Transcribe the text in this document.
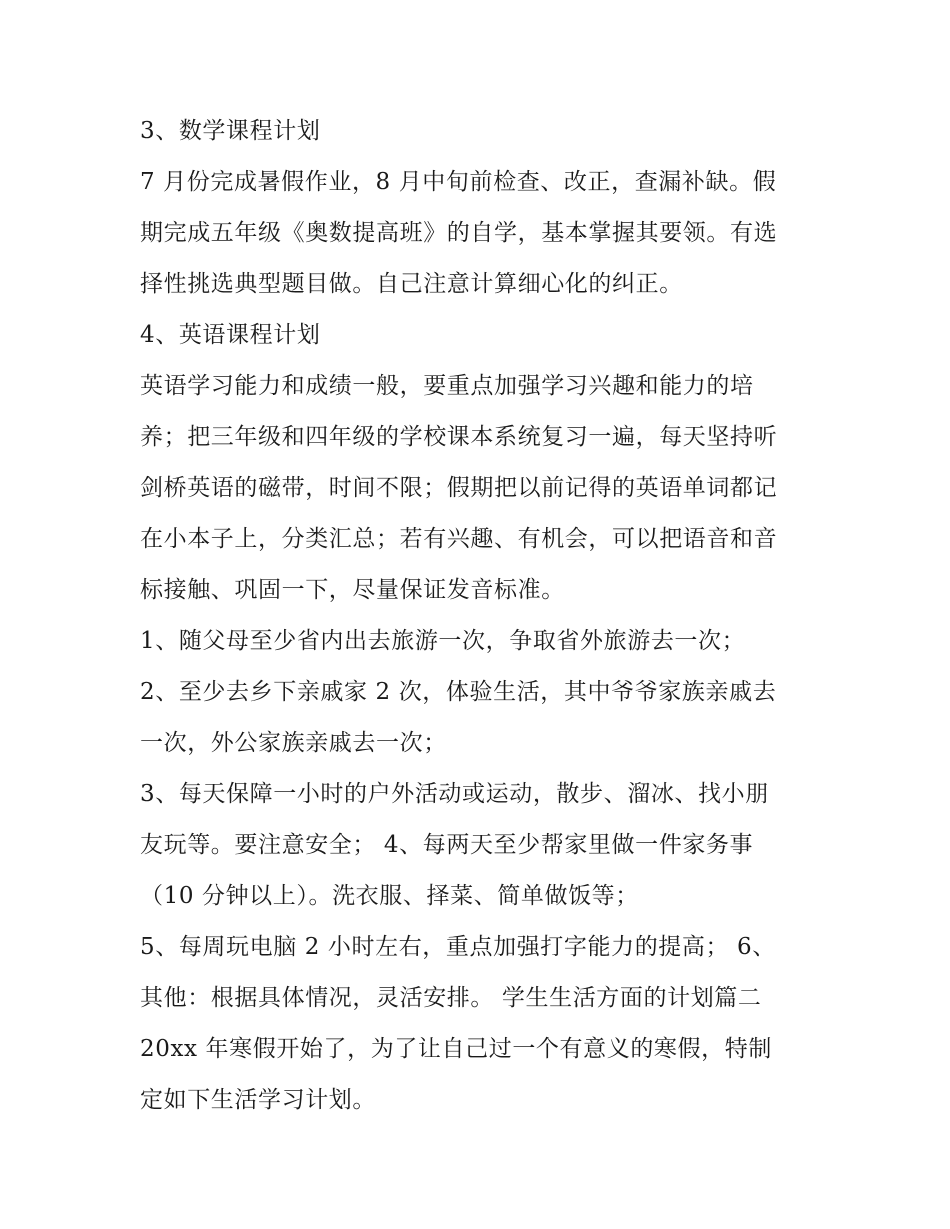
3、数学课程计划
7 月份完成暑假作业，8 月中旬前检查、改正，查漏补缺。假
期完成五年级《奥数提高班》的自学，基本掌握其要领。有选
择性挑选典型题目做。自己注意计算细心化的纠正。
4、英语课程计划
英语学习能力和成绩一般，要重点加强学习兴趣和能力的培
养；把三年级和四年级的学校课本系统复习一遍，每天坚持听
剑桥英语的磁带，时间不限；假期把以前记得的英语单词都记
在小本子上，分类汇总；若有兴趣、有机会，可以把语音和音
标接触、巩固一下，尽量保证发音标准。
1、随父母至少省内出去旅游一次，争取省外旅游去一次；
2、至少去乡下亲戚家 2 次，体验生活，其中爷爷家族亲戚去
一次，外公家族亲戚去一次；
3、每天保障一小时的户外活动或运动，散步、溜冰、找小朋
友玩等。要注意安全； 4、每两天至少帮家里做一件家务事
（10 分钟以上）。洗衣服、择菜、简单做饭等；
5、每周玩电脑 2 小时左右，重点加强打字能力的提高； 6、
其他：根据具体情况，灵活安排。 学生生活方面的计划篇二
20xx 年寒假开始了，为了让自己过一个有意义的寒假，特制
定如下生活学习计划。
